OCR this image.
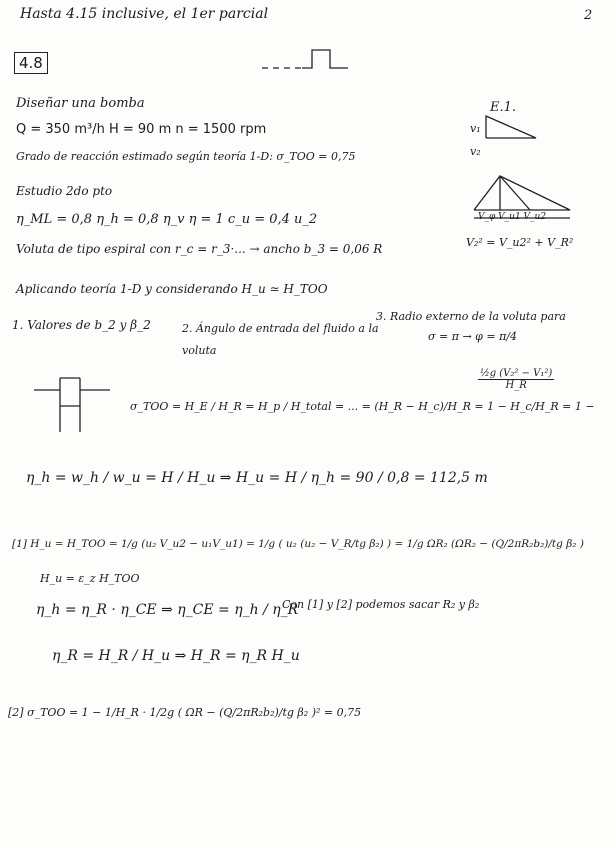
Hasta 4.15 inclusive, el 1er parcial	2
4.8
Diseñar una bomba
Q = 350 m³/h H = 90 m n = 1500 rpm
Grado de reacción estimado según teoría 1-D: σ_TOO = 0,75
Estudio 2do pto
η_ML = 0,8 η_h = 0,8 η_v η = 1 c_u = 0,4 u_2
Voluta de tipo espiral con r_c = r_3·... → ancho b_3 = 0,06 R
Aplicando teoría 1-D y considerando H_u ≃ H_TOO
E.1.
v₁
v₂
V_φ V_u1 V_u2
V₂² = V_u2² + V_R²
1. Valores de b_2 y β_2	2. Ángulo de entrada del fluido a la voluta
3. Radio externo de la voluta para
σ = π → φ = π/4
σ_TOO = H_E / H_R = H_p / H_total = ... = (H_R − H_c)/H_R = 1 − H_c/H_R = 1 −
$\frac{\text{½g (V₂² − V₁²)}}{H\_R}$
η_h = w_h / w_u = H / H_u ⇒ H_u = H / η_h = 90 / 0,8 = 112,5 m
[1] H_u = H_TOO = 1/g (u₂ V_u2 − u₁V_u1) = 1/g ( u₂ (u₂ − V_R/tg β₂) ) = 1/g ΩR₂ (ΩR₂ − (Q/2πR₂b₂)/tg β₂ )
H_u = ε_z H_TOO
η_h = η_R · η_CE ⇒ η_CE = η_h / η_R
Con [1] y [2] podemos sacar R₂ y β₂
η_R = H_R / H_u ⇒ H_R = η_R H_u
[2] σ_TOO = 1 − 1/H_R · 1/2g ( ΩR − (Q/2πR₂b₂)/tg β₂ )² = 0,75
